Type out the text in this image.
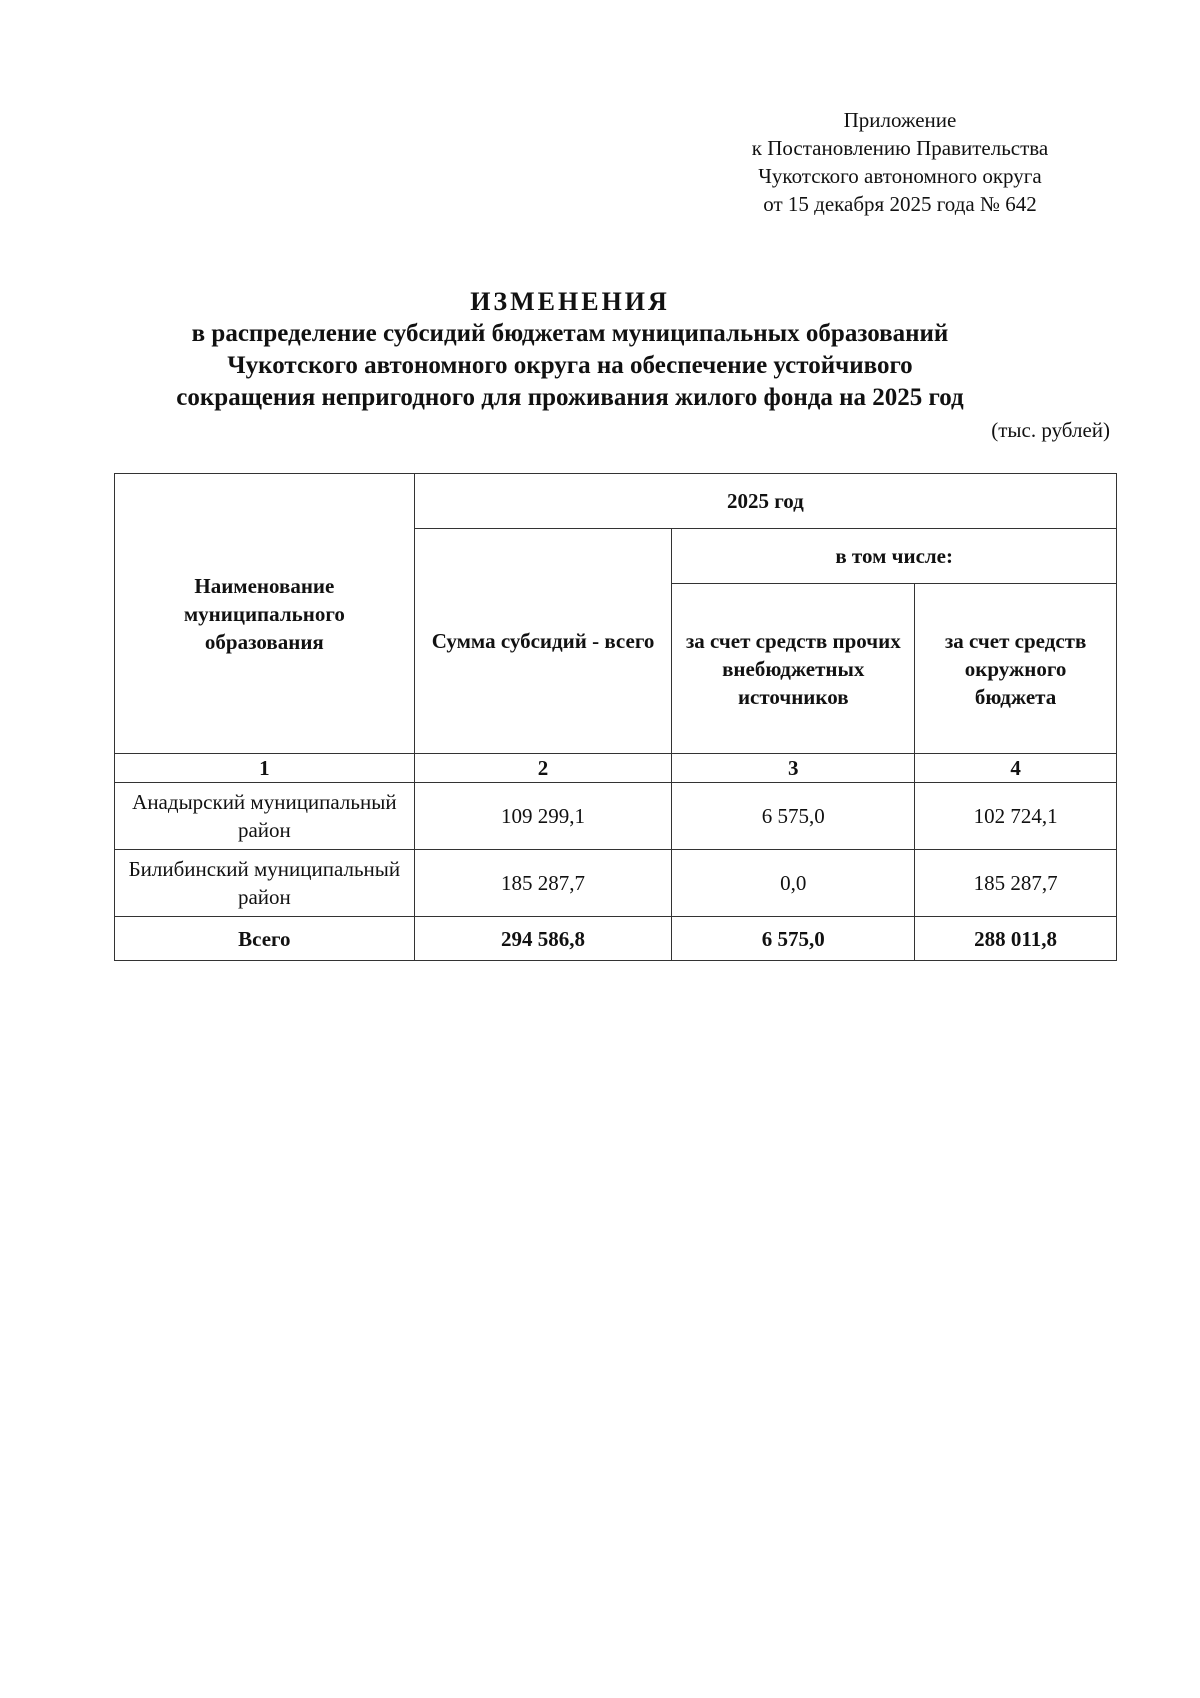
Приложение
к Постановлению Правительства
Чукотского автономного округа
от 15 декабря 2025 года № 642
ИЗМЕНЕНИЯ
в распределение субсидий бюджетам муниципальных образований
Чукотского автономного округа на обеспечение устойчивого
сокращения непригодного для проживания жилого фонда на 2025 год
(тыс. рублей)
Наименование муниципального образования	2025 год		
	Сумма субсидий - всего	в том числе:	
		за счет средств прочих внебюджетных источников	за счет средств окружного бюджета
1	2	3	4
Анадырский муниципальный район	109 299,1	6 575,0	102 724,1
Билибинский муниципальный район	185 287,7	0,0	185 287,7
Всего	294 586,8	6 575,0	288 011,8
